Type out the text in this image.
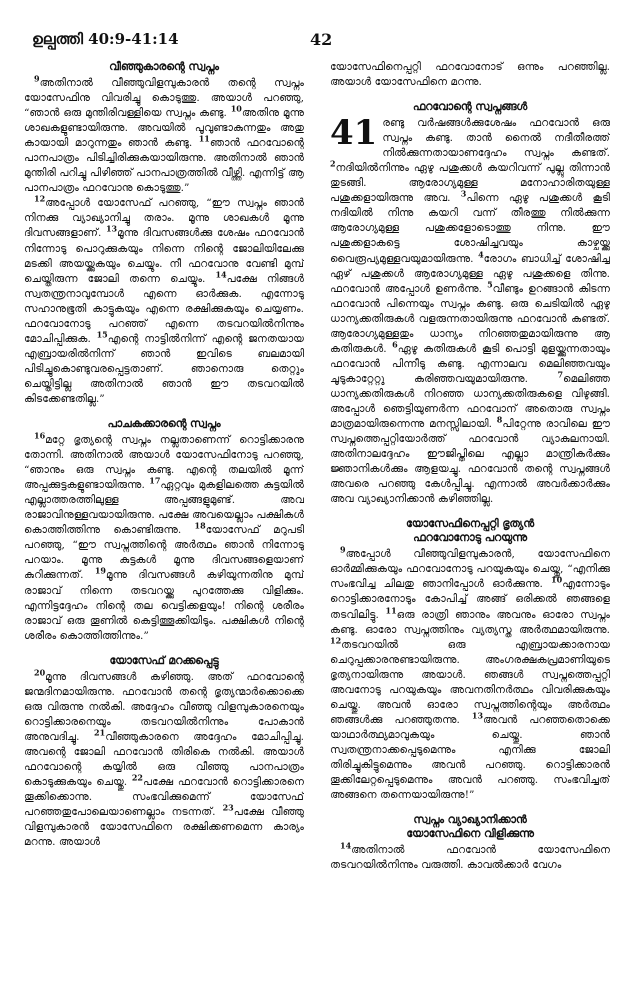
ഉല്പത്തി 40:9-41:14	42
വീഞ്ഞുകാരന്റെ സ്വപ്നം

$^9$അതിനാൽ വീഞ്ഞുവിളമ്പുകാരൻ തന്റെ സ്വപ്നം യോസേഫിനു വിവരിച്ചു കൊടുത്തു. അയാൾ പറഞ്ഞു, “ഞാൻ ഒരു മുന്തിരിവള്ളിയെ സ്വപ്നം കണ്ടു. $^{10}$അതിനു മൂന്നു ശാഖകളുണ്ടായിരുന്നു. അവയിൽ പൂവുണ്ടാകുന്നതും അതു കായായി മാറുന്നതും ഞാൻ കണ്ടു. $^{11}$ഞാൻ ഫറവോന്റെ പാനപാത്രം പിടിച്ചിരിക്കുകയായിരുന്നു. അതിനാൽ ഞാൻ മുന്തിരി പറിച്ചു പിഴിഞ്ഞ് പാനപാത്രത്തിൽ വീഴ്ത്തി. എന്നിട്ട് ആ പാനപാത്രം ഫറവോനു കൊടുത്തു.”

$^{12}$അപ്പോൾ യോസേഫ് പറഞ്ഞു, “ഈ സ്വപ്നം ഞാൻ നിനക്കു വ്യാഖ്യാനിച്ചു തരാം. മൂന്നു ശാഖകൾ മൂന്നു ദിവസങ്ങളാണ്. $^{13}$മൂന്നു ദിവസങ്ങൾക്കു ശേഷം ഫറവോൻ നിന്നോടു പൊറുക്കുകയും നിന്നെ നിന്റെ ജോലിയിലേക്കു മടക്കി അയയ്ക്കുകയും ചെയ്യും. നീ ഫറവോനു വേണ്ടി മുമ്പ് ചെയ്തിരുന്ന ജോലി തന്നെ ചെയ്യും. $^{14}$പക്ഷേ നിങ്ങൾ സ്വതന്ത്രനാവുമ്പോൾ എന്നെ ഓർക്കുക. എന്നോടു സഹാനുഭൂതി കാട്ടുകയും എന്നെ രക്ഷിക്കുകയും ചെയ്യണം. ഫറവോനോടു പറഞ്ഞ് എന്നെ തടവറയിൽനിന്നും മോചിപ്പിക്കുക. $^{15}$എന്റെ നാട്ടിൽനിന്ന് എന്റെ ജനതയായ എബ്രായരിൽനിന്ന് ഞാൻ ഇവിടെ ബലമായി പിടിച്ചുകൊണ്ടുവരപ്പെട്ടതാണ്. ഞാനൊരു തെറ്റും ചെയ്തിട്ടില്ല അതിനാൽ ഞാൻ ഈ തടവറയിൽ കിടക്കേണ്ടതില്ല.”

പാചകക്കാരന്റെ സ്വപ്നം

$^{16}$മറ്റേ ഭൃത്യന്റെ സ്വപ്നം നല്ലതാണെന്ന് റൊട്ടിക്കാരനു തോന്നി. അതിനാൽ അയാൾ യോസേഫിനോടു പറഞ്ഞു, “ഞാനും ഒരു സ്വപ്നം കണ്ടു. എന്റെ തലയിൽ മൂന്ന് അപ്പക്കുട്ടകളുണ്ടായിരുന്നു. $^{17}$ഏറ്റവും മുകളിലത്തെ കുട്ടയിൽ എല്ലാത്തരത്തിലുള്ള അപ്പങ്ങളുമുണ്ട്. അവ രാജാവിനുള്ളവയായിരുന്നു. പക്ഷേ അവയെല്ലാം പക്ഷികൾ കൊത്തിത്തിന്നു കൊണ്ടിരുന്നു. $^{18}$യോസേഫ് മറുപടി പറഞ്ഞു, “ഈ സ്വപ്നത്തിന്റെ അർത്ഥം ഞാൻ നിന്നോടു പറയാം. മൂന്നു കുട്ടകൾ മൂന്നു ദിവസങ്ങളെയാണ് കുറിക്കുന്നത്. $^{19}$മൂന്നു ദിവസങ്ങൾ കഴിയുന്നതിനു മുമ്പ് രാജാവ് നിന്നെ തടവറയ്ക്കു പുറത്തേക്കു വിളിക്കും. എന്നിട്ടദ്ദേഹം നിന്റെ തല വെട്ടിക്കളയും! നിന്റെ ശരീരം രാജാവ് ഒരു തൂണിൽ കെട്ടിത്തൂക്കിയിടും. പക്ഷികൾ നിന്റെ ശരീരം കൊത്തിത്തിന്നും.”

യോസേഫ് മറക്കപ്പെട്ടു

$^{20}$മൂന്നു ദിവസങ്ങൾ കഴിഞ്ഞു. അത് ഫറവോന്റെ ജന്മദിനമായിരുന്നു. ഫറവോൻ തന്റെ ഭൃത്യന്മാർക്കൊക്കെ ഒരു വിരുന്നു നൽകി. അദ്ദേഹം വീഞ്ഞു വിളമ്പുകാരനെയും റൊട്ടിക്കാരനെയും തടവറയിൽനിന്നും പോകാൻ അനുവദിച്ചു. $^{21}$വീഞ്ഞുകാരനെ അദ്ദേഹം മോചിപ്പിച്ചു. അവന്റെ ജോലി ഫറവോൻ തിരികെ നൽകി. അയാൾ ഫറവോന്റെ കയ്യിൽ ഒരു വീഞ്ഞു പാനപാത്രം കൊടുക്കുകയും ചെയ്തു. $^{22}$പക്ഷേ ഫറവോൻ റൊട്ടിക്കാരനെ തൂക്കിക്കൊന്നു. സംഭവിക്കുമെന്ന് യോസേഫ് പറഞ്ഞതുപോലെയാണെല്ലാം നടന്നത്. $^{23}$പക്ഷേ വീഞ്ഞു വിളമ്പുകാരൻ യോസേഫിനെ രക്ഷിക്കണമെന്ന കാര്യം മറന്നു. അയാൾ

യോസേഫിനെപ്പറ്റി ഫറവോനോട് ഒന്നും പറഞ്ഞില്ല. അയാൾ യോസേഫിനെ മറന്നു.

ഫറവോന്റെ സ്വപ്നങ്ങൾ

41 രണ്ടു വർഷങ്ങൾക്കുശേഷം ഫറവോൻ ഒരു സ്വപ്നം കണ്ടു. താൻ നൈൽ നദീതീരത്ത് നിൽക്കുന്നതായാണദ്ദേഹം സ്വപ്നം കണ്ടത്. $^2$നദിയിൽനിന്നും ഏഴു പശുക്കൾ കയറിവന്ന് പുല്ലു തിന്നാൻ തുടങ്ങി. ആരോഗ്യമുള്ള മനോഹാരിതയുള്ള പശുക്കളായിരുന്നു അവ. $^3$പിന്നെ ഏഴു പശുക്കൾ കൂടി നദിയിൽ നിന്നു കയറി വന്ന് തീരത്തു നിൽക്കുന്ന ആരോഗ്യമുള്ള പശുക്കളോടൊത്തു നിന്നു. ഈ പശുക്കളാകട്ടെ ശോഷിച്ചവയും കാഴ്ചയ്ക്കു വൈരൂപ്യമുള്ളവയുമായിരുന്നു. $^4$രോഗം ബാധിച്ച് ശോഷിച്ച ഏഴ് പശുക്കൾ ആരോഗ്യമുള്ള ഏഴു പശുക്കളെ തിന്നു. ഫറവോൻ അപ്പോൾ ഉണർന്നു. $^5$വീണ്ടും ഉറങ്ങാൻ കിടന്ന ഫറവോൻ പിന്നെയും സ്വപ്നം കണ്ടു. ഒരു ചെടിയിൽ ഏഴു ധാന്യക്കതിരുകൾ വളരുന്നതായിരുന്നു ഫറവോൻ കണ്ടത്. ആരോഗ്യമുള്ളതും ധാന്യം നിറഞ്ഞതുമായിരുന്നു ആ കതിരുകൾ. $^6$ഏഴു കതിരുകൾ കൂടി പൊട്ടി മുളയ്ക്കുന്നതായും ഫറവോൻ പിന്നീടു കണ്ടു. എന്നാലവ മെലിഞ്ഞവയും ചൂടുകാറ്റേറ്റു കരിഞ്ഞവയുമായിരുന്നു. $^7$മെലിഞ്ഞ ധാന്യക്കതിരുകൾ നിറഞ്ഞ ധാന്യക്കതിരുകളെ വിഴുങ്ങി. അപ്പോൾ ഞെട്ടിയുണർന്ന ഫറവോന് അതൊരു സ്വപ്നം മാത്രമായിരുന്നെന്നു മനസ്സിലായി. $^8$പിറ്റേന്നു രാവിലെ ഈ സ്വപ്നത്തെപ്പറ്റിയോർത്ത് ഫറവോൻ വ്യാകുലനായി. അതിനാലദ്ദേഹം ഈജിപ്തിലെ എല്ലാ മാന്ത്രികർക്കും ജ്ഞാനികൾക്കും ആളയച്ചു. ഫറവോൻ തന്റെ സ്വപ്നങ്ങൾ അവരെ പറഞ്ഞു കേൾപ്പിച്ചു. എന്നാൽ അവർക്കാർക്കും അവ വ്യാഖ്യാനിക്കാൻ കഴിഞ്ഞില്ല.

യോസേഫിനെപ്പറ്റി ഭൃത്യൻ
ഫറവോനോടു പറയുന്നു

$^9$അപ്പോൾ വീഞ്ഞുവിളമ്പുകാരൻ, യോസേഫിനെ ഓർമ്മിക്കുകയും ഫറവോനോടു പറയുകയും ചെയ്തു, “എനിക്കു സംഭവിച്ച ചിലതു ഞാനിപ്പോൾ ഓർക്കുന്നു. $^{10}$എന്നോടും റൊട്ടിക്കാരനോടും കോപിച്ച് അങ്ങ് ഒരിക്കൽ ഞങ്ങളെ തടവിലിട്ടു. $^{11}$ഒരു രാത്രി ഞാനും അവനും ഓരോ സ്വപ്നം കണ്ടു. ഓരോ സ്വപ്നത്തിനും വ്യത്യസ്ത അർത്ഥമായിരുന്നു. $^{12}$തടവറയിൽ ഒരു എബ്രായക്കാരനായ ചെറുപ്പക്കാരനുണ്ടായിരുന്നു. അംഗരക്ഷകപ്രമാണിയുടെ ഭൃത്യനായിരുന്നു അയാൾ. ഞങ്ങൾ സ്വപ്നത്തെപ്പറ്റി അവനോടു പറയുകയും അവനതിനർത്ഥം വിവരിക്കുകയും ചെയ്തു. അവൻ ഓരോ സ്വപ്നത്തിന്റെയും അർത്ഥം ഞങ്ങൾക്കു പറഞ്ഞുതന്നു. $^{13}$അവൻ പറഞ്ഞതൊക്കെ യാഥാർത്ഥ്യമാവുകയും ചെയ്തു. ഞാൻ സ്വതന്ത്രനാക്കപ്പെടുമെന്നും എനിക്കു ജോലി തിരിച്ചുകിട്ടുമെന്നും അവൻ പറഞ്ഞു. റൊട്ടിക്കാരൻ തൂക്കിലേറ്റപ്പെടുമെന്നും അവൻ പറഞ്ഞു. സംഭവിച്ചത് അങ്ങനെ തന്നെയായിരുന്നു!”

സ്വപ്നം വ്യാഖ്യാനിക്കാൻ
യോസേഫിനെ വിളിക്കുന്നു

$^{14}$അതിനാൽ ഫറവോൻ യോസേഫിനെ തടവറയിൽനിന്നും വരുത്തി. കാവൽക്കാർ വേഗം
